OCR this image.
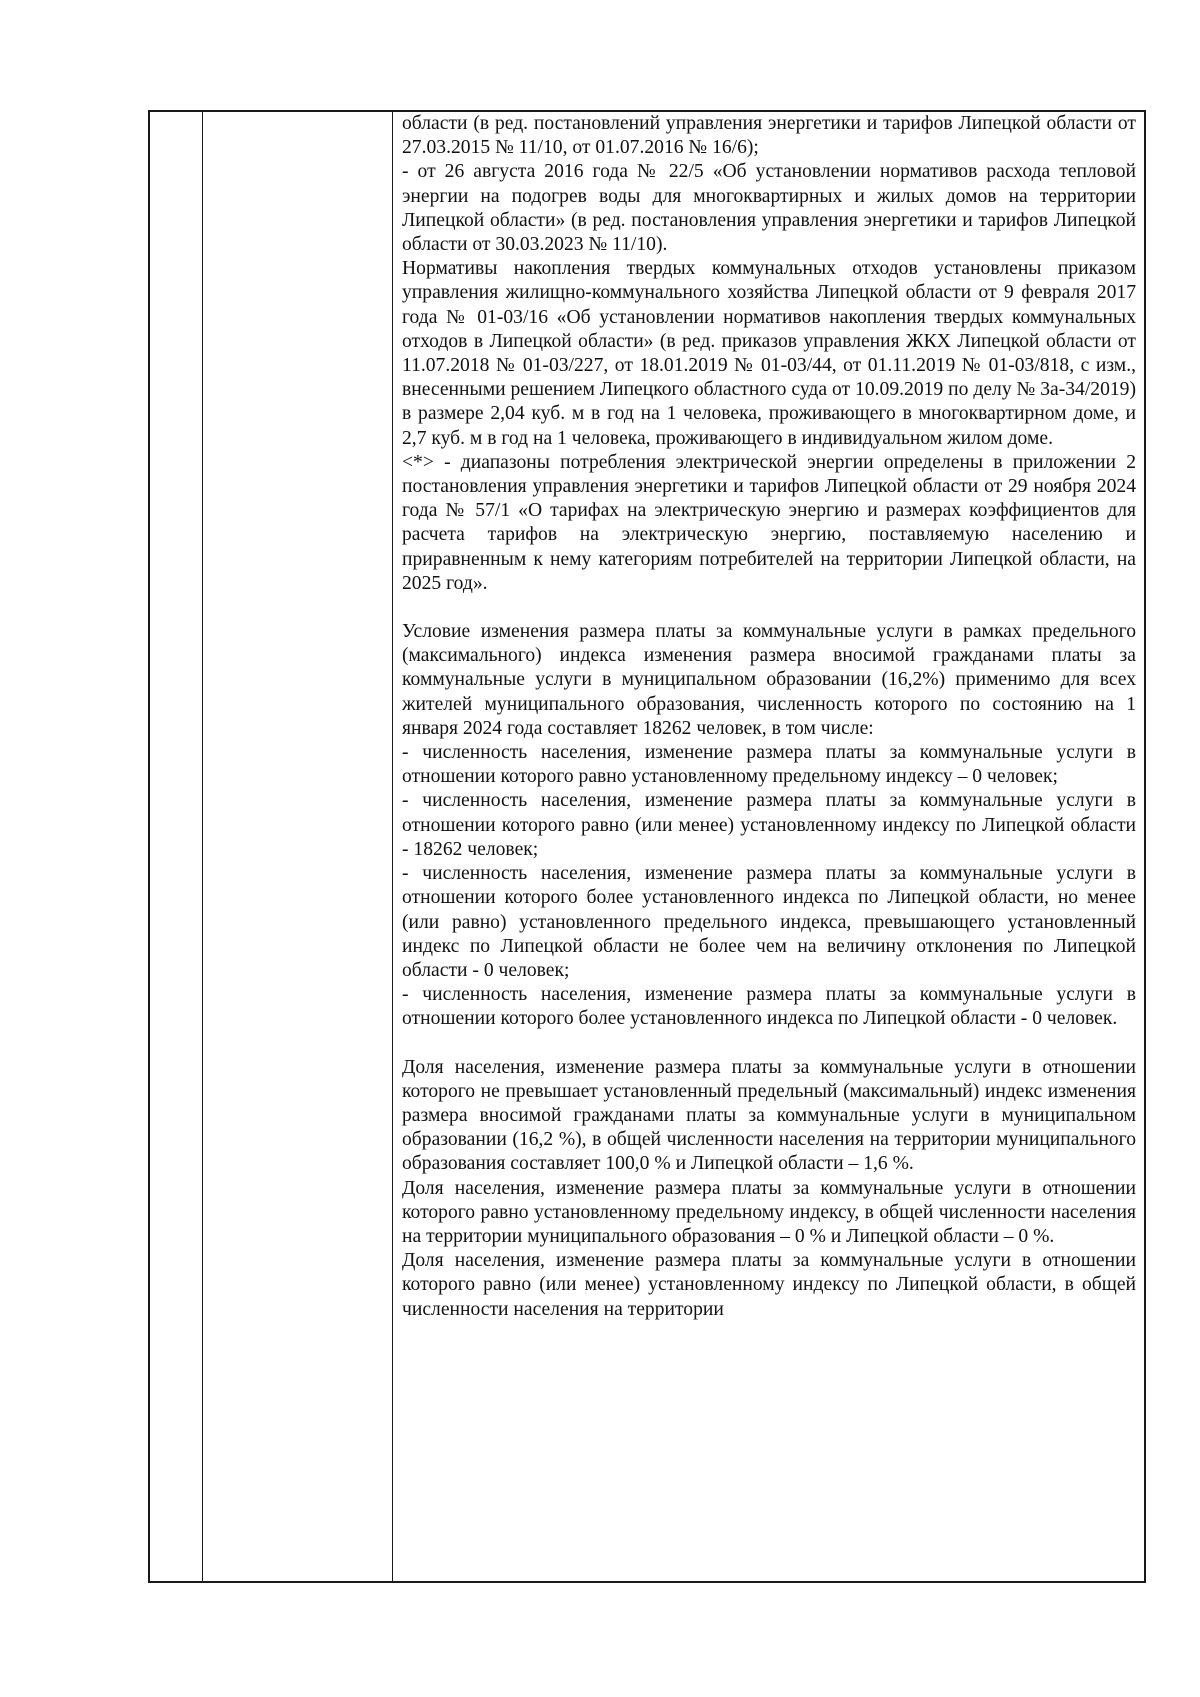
области (в ред. постановлений управления энергетики и тарифов Липецкой области от 27.03.2015 № 11/10, от 01.07.2016 № 16/6);

- от 26 августа 2016 года № 22/5 «Об установлении нормативов расхода тепловой энергии на подогрев воды для многоквартирных и жилых домов на территории Липецкой области» (в ред. постановления управления энергетики и тарифов Липецкой области от 30.03.2023 № 11/10).

Нормативы накопления твердых коммунальных отходов установлены приказом управления жилищно-коммунального хозяйства Липецкой области от 9 февраля 2017 года № 01-03/16 «Об установлении нормативов накопления твердых коммунальных отходов в Липецкой области» (в ред. приказов управления ЖКХ Липецкой области от 11.07.2018 № 01-03/227, от 18.01.2019 № 01-03/44, от 01.11.2019 № 01-03/818, с изм., внесенными решением Липецкого областного суда от 10.09.2019 по делу № 3а-34/2019) в размере 2,04 куб. м в год на 1 человека, проживающего в многоквартирном доме, и 2,7 куб. м в год на 1 человека, проживающего в индивидуальном жилом доме.

<*> - диапазоны потребления электрической энергии определены в приложении 2 постановления управления энергетики и тарифов Липецкой области от 29 ноября 2024 года № 57/1 «О тарифах на электрическую энергию и размерах коэффициентов для расчета тарифов на электрическую энергию, поставляемую населению и приравненным к нему категориям потребителей на территории Липецкой области, на 2025 год».

Условие изменения размера платы за коммунальные услуги в рамках предельного (максимального) индекса изменения размера вносимой гражданами платы за коммунальные услуги в муниципальном образовании (16,2%) применимо для всех жителей муниципального образования, численность которого по состоянию на 1 января 2024 года составляет 18262 человек, в том числе:

- численность населения, изменение размера платы за коммунальные услуги в отношении которого равно установленному предельному индексу – 0 человек;

- численность населения, изменение размера платы за коммунальные услуги в отношении которого равно (или менее) установленному индексу по Липецкой области - 18262 человек;

- численность населения, изменение размера платы за коммунальные услуги в отношении которого более установленного индекса по Липецкой области, но менее (или равно) установленного предельного индекса, превышающего установленный индекс по Липецкой области не более чем на величину отклонения по Липецкой области - 0 человек;

- численность населения, изменение размера платы за коммунальные услуги в отношении которого более установленного индекса по Липецкой области - 0 человек.

Доля населения, изменение размера платы за коммунальные услуги в отношении которого не превышает установленный предельный (максимальный) индекс изменения размера вносимой гражданами платы за коммунальные услуги в муниципальном образовании (16,2 %), в общей численности населения на территории муниципального образования составляет 100,0 % и Липецкой области – 1,6 %.

Доля населения, изменение размера платы за коммунальные услуги в отношении которого равно установленному предельному индексу, в общей численности населения на территории муниципального образования – 0 % и Липецкой области – 0 %.

Доля населения, изменение размера платы за коммунальные услуги в отношении которого равно (или менее) установленному индексу по Липецкой области, в общей численности населения на территории
